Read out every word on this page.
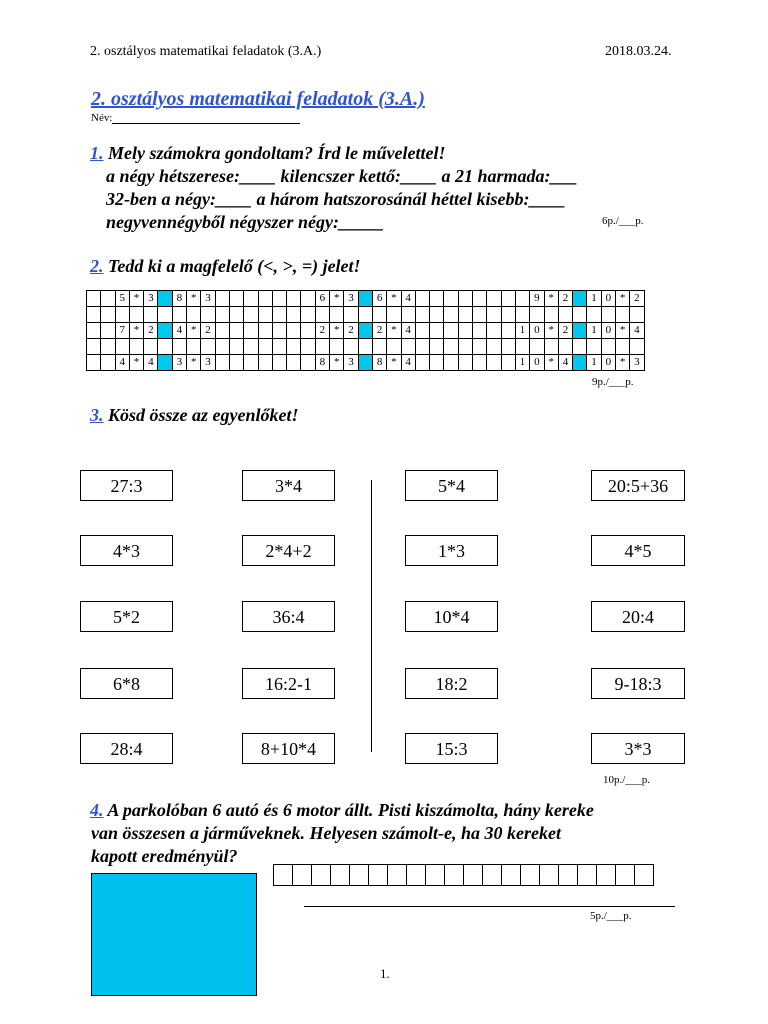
2. osztályos matematikai feladatok (3.A.)	2018.03.24.
2. osztályos matematikai feladatok (3.A.)
Név:
1. Mely számokra gondoltam? Írd le művelettel!
a négy hétszerese:____ kilencszer kettő:____ a 21 harmada:___
32-ben a négy:____ a három hatszorosánál héttel kisebb:____
negyvennégyből négyszer négy:_____	6p./___p.
2. Tedd ki a magfelelő (<, >, =) jelet!
		5	*	3		8	*	3								6	*	3		6	*	4									9	*	2		1	0	*	2

		7	*	2		4	*	2								2	*	2		2	*	4								1	0	*	2		1	0	*	4

		4	*	4		3	*	3								8	*	3		8	*	4								1	0	*	4		1	0	*	3
9p./___p.
3. Kösd össze az egyenlőket!
27:3
4*3
5*2
6*8
28:4
3*4
2*4+2
36:4
16:2-1
8+10*4
5*4
1*3
10*4
18:2
15:3
20:5+36
4*5
20:4
9-18:3
3*3
10p./___p.
4. A parkolóban 6 autó és 6 motor állt. Pisti kiszámolta, hány kereke
van összesen a járműveknek. Helyesen számolt-e, ha 30 kereket
kapott eredményül?

5p./___p.
1.
